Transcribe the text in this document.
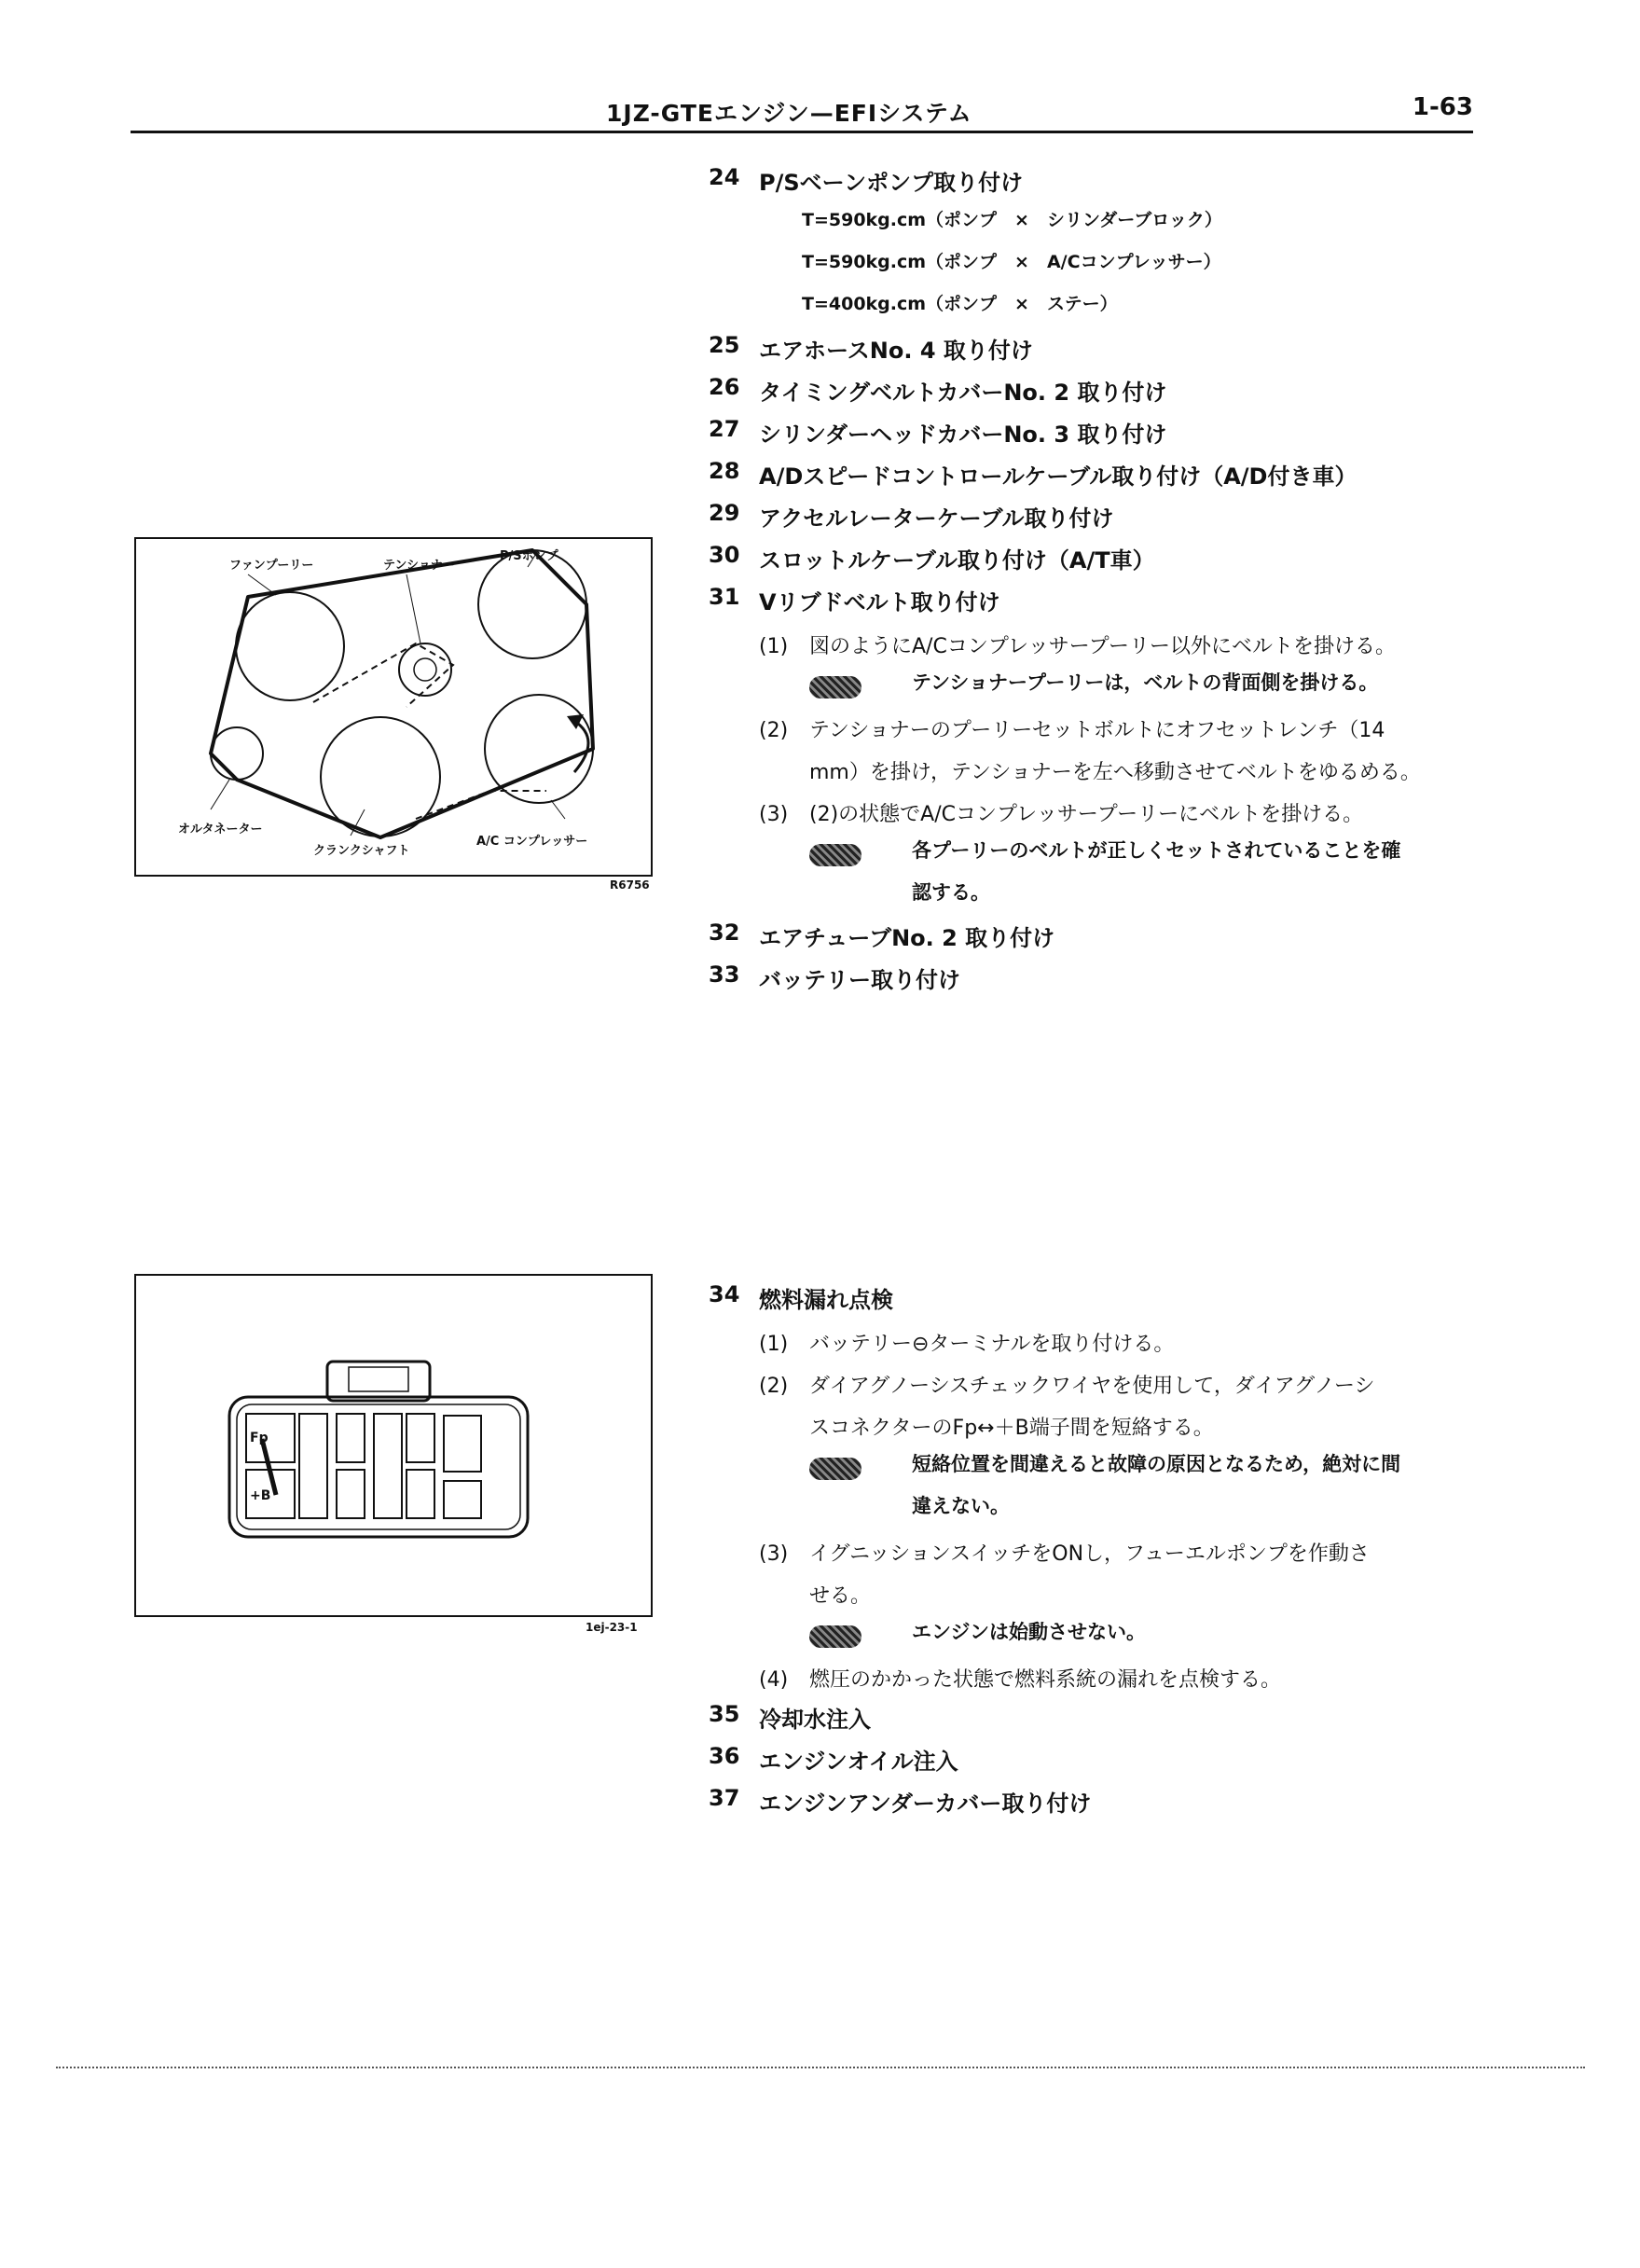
1JZ-GTEエンジン—EFIシステム	1-63
24 P/Sベーンポンプ取り付け
T=590kg.cm（ポンプ　×　シリンダーブロック）
T=590kg.cm（ポンプ　×　A/Cコンプレッサー）
T=400kg.cm（ポンプ　×　ステー）
25 エアホースNo. 4 取り付け
26 タイミングベルトカバーNo. 2 取り付け
27 シリンダーヘッドカバーNo. 3 取り付け
28 A/Dスピードコントロールケーブル取り付け（A/D付き車）
29 アクセルレーターケーブル取り付け
30 スロットルケーブル取り付け（A/T車）
31 Vリブドベルト取り付け
(1) 図のようにA/Cコンプレッサープーリー以外にベルトを掛ける。
テンショナープーリーは，ベルトの背面側を掛ける。
(2) テンショナーのプーリーセットボルトにオフセットレンチ（14
mm）を掛け，テンショナーを左へ移動させてベルトをゆるめる。
(3) (2)の状態でA/Cコンプレッサープーリーにベルトを掛ける。
各プーリーのベルトが正しくセットされていることを確
認する。
32 エアチューブNo. 2 取り付け
33 バッテリー取り付け
34 燃料漏れ点検
(1) バッテリー⊖ターミナルを取り付ける。
(2) ダイアグノーシスチェックワイヤを使用して，ダイアグノーシ
スコネクターのFp↔＋B端子間を短絡する。
短絡位置を間違えると故障の原因となるため，絶対に間
違えない。
(3) イグニッションスイッチをONし，フューエルポンプを作動さ
せる。
エンジンは始動させない。
(4) 燃圧のかかった状態で燃料系統の漏れを点検する。
35 冷却水注入
36 エンジンオイル注入
37 エンジンアンダーカバー取り付け
ファンプーリー	テンショナー
P/Sポンプ
オルタネーター
クランクシャフト
A/C コンプレッサー
R6756
Fp
+B
1ej-23-1
